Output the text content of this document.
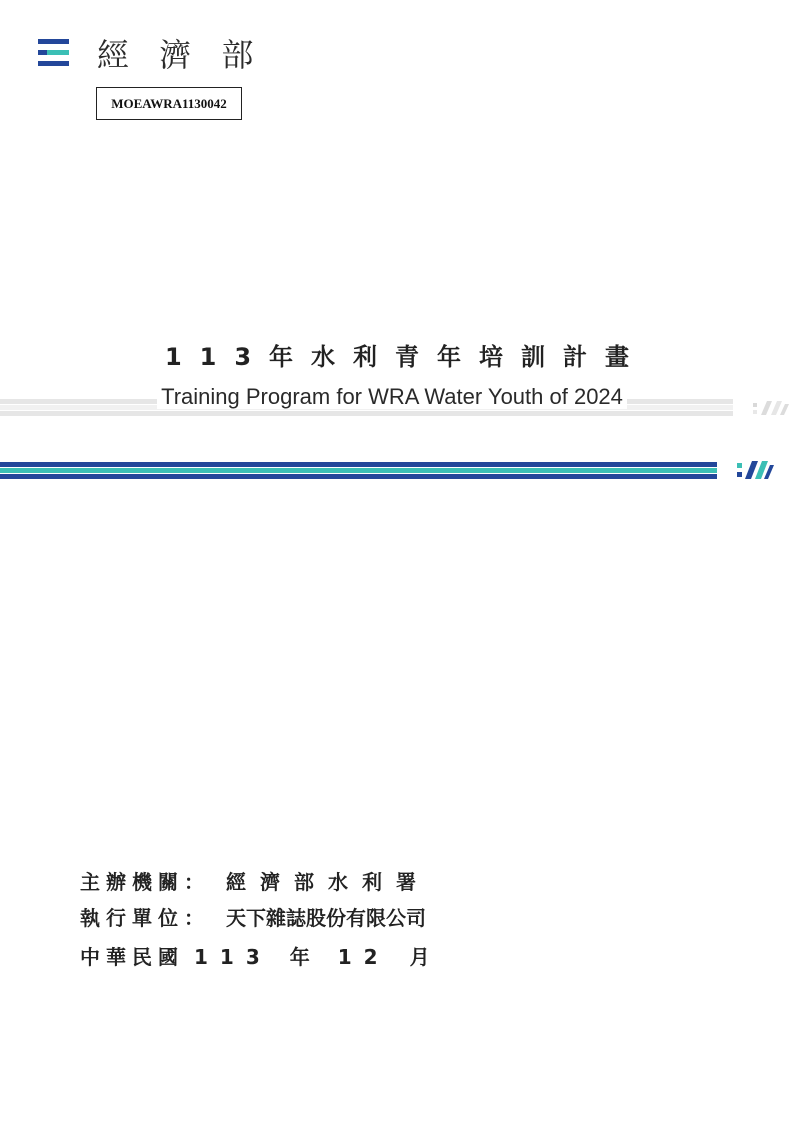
經 濟 部
MOEAWRA1130042
113年水利青年培訓計畫
Training Program for WRA Water Youth of 2024
主辦機關： 經濟部水利署
執行單位： 天下雜誌股份有限公司
中華民國 113 年 12 月
